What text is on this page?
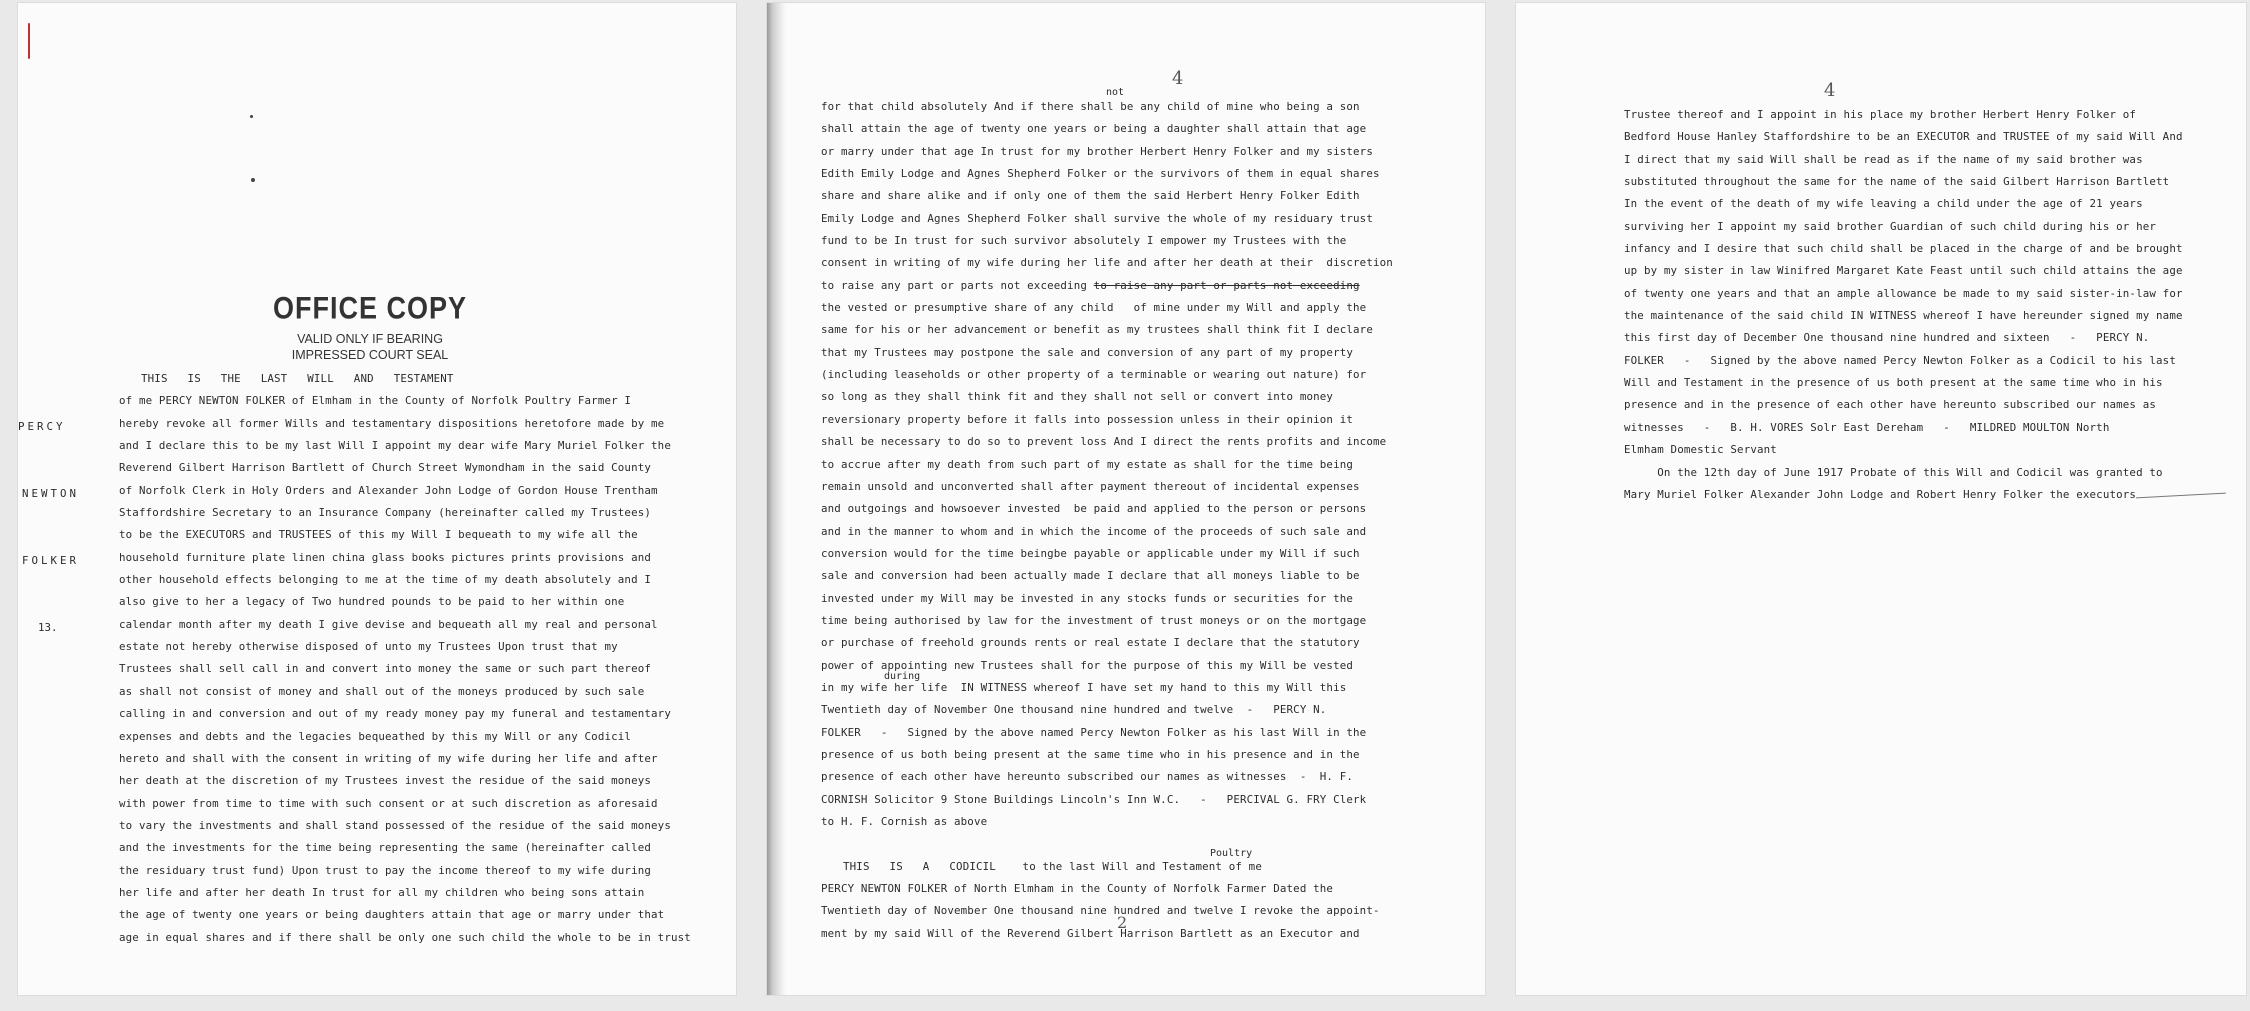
OFFICE COPY
VALID ONLY IF BEARING
IMPRESSED COURT SEAL

PERCY

NEWTON

FOLKER

13.

THIS   IS   THE   LAST   WILL   AND   TESTAMENT
of me PERCY NEWTON FOLKER of Elmham in the County of Norfolk Poultry Farmer I
hereby revoke all former Wills and testamentary dispositions heretofore made by me
and I declare this to be my last Will I appoint my dear wife Mary Muriel Folker the
Reverend Gilbert Harrison Bartlett of Church Street Wymondham in the said County
of Norfolk Clerk in Holy Orders and Alexander John Lodge of Gordon House Trentham
Staffordshire Secretary to an Insurance Company (hereinafter called my Trustees)
to be the EXECUTORS and TRUSTEES of this my Will I bequeath to my wife all the
household furniture plate linen china glass books pictures prints provisions and
other household effects belonging to me at the time of my death absolutely and I
also give to her a legacy of Two hundred pounds to be paid to her within one
calendar month after my death I give devise and bequeath all my real and personal
estate not hereby otherwise disposed of unto my Trustees Upon trust that my
Trustees shall sell call in and convert into money the same or such part thereof
as shall not consist of money and shall out of the moneys produced by such sale
calling in and conversion and out of my ready money pay my funeral and testamentary
expenses and debts and the legacies bequeathed by this my Will or any Codicil
hereto and shall with the consent in writing of my wife during her life and after
her death at the discretion of my Trustees invest the residue of the said moneys
with power from time to time with such consent or at such discretion as aforesaid
to vary the investments and shall stand possessed of the residue of the said moneys
and the investments for the time being representing the same (hereinafter called
the residuary trust fund) Upon trust to pay the income thereof to my wife during
her life and after her death In trust for all my children who being sons attain
the age of twenty one years or being daughters attain that age or marry under that
age in equal shares and if there shall be only one such child the whole to be in trust
4
not
during
Poultry
for that child absolutely And if there shall be any child of mine who being a son
shall attain the age of twenty one years or being a daughter shall attain that age
or marry under that age In trust for my brother Herbert Henry Folker and my sisters
Edith Emily Lodge and Agnes Shepherd Folker or the survivors of them in equal shares
share and share alike and if only one of them the said Herbert Henry Folker Edith
Emily Lodge and Agnes Shepherd Folker shall survive the whole of my residuary trust
fund to be In trust for such survivor absolutely I empower my Trustees with the
consent in writing of my wife during her life and after her death at their  discretion
to raise any part or parts not exceeding to raise any part or parts not exceeding
the vested or presumptive share of any child   of mine under my Will and apply the
same for his or her advancement or benefit as my trustees shall think fit I declare
that my Trustees may postpone the sale and conversion of any part of my property
(including leaseholds or other property of a terminable or wearing out nature) for
so long as they shall think fit and they shall not sell or convert into money
reversionary property before it falls into possession unless in their opinion it
shall be necessary to do so to prevent loss And I direct the rents profits and income
to accrue after my death from such part of my estate as shall for the time being
remain unsold and unconverted shall after payment thereout of incidental expenses
and outgoings and howsoever invested  be paid and applied to the person or persons
and in the manner to whom and in which the income of the proceeds of such sale and
conversion would for the time beingbe payable or applicable under my Will if such
sale and conversion had been actually made I declare that all moneys liable to be
invested under my Will may be invested in any stocks funds or securities for the
time being authorised by law for the investment of trust moneys or on the mortgage
or purchase of freehold grounds rents or real estate I declare that the statutory
power of appointing new Trustees shall for the purpose of this my Will be vested
in my wife her life  IN WITNESS whereof I have set my hand to this my Will this
Twentieth day of November One thousand nine hundred and twelve  -   PERCY N.
FOLKER   -   Signed by the above named Percy Newton Folker as his last Will in the
presence of us both being present at the same time who in his presence and in the
presence of each other have hereunto subscribed our names as witnesses  -  H. F.
CORNISH Solicitor 9 Stone Buildings Lincoln's Inn W.C.   -   PERCIVAL G. FRY Clerk
to H. F. Cornish as above
THIS   IS   A   CODICIL    to the last Will and Testament of me
PERCY NEWTON FOLKER of North Elmham in the County of Norfolk Farmer Dated the
Twentieth day of November One thousand nine hundred and twelve I revoke the appoint-
ment by my said Will of the Reverend Gilbert Harrison Bartlett as an Executor and
2
4
Trustee thereof and I appoint in his place my brother Herbert Henry Folker of
Bedford House Hanley Staffordshire to be an EXECUTOR and TRUSTEE of my said Will And
I direct that my said Will shall be read as if the name of my said brother was
substituted throughout the same for the name of the said Gilbert Harrison Bartlett
In the event of the death of my wife leaving a child under the age of 21 years
surviving her I appoint my said brother Guardian of such child during his or her
infancy and I desire that such child shall be placed in the charge of and be brought
up by my sister in law Winifred Margaret Kate Feast until such child attains the age
of twenty one years and that an ample allowance be made to my said sister-in-law for
the maintenance of the said child IN WITNESS whereof I have hereunder signed my name
this first day of December One thousand nine hundred and sixteen   -   PERCY N.
FOLKER   -   Signed by the above named Percy Newton Folker as a Codicil to his last
Will and Testament in the presence of us both present at the same time who in his
presence and in the presence of each other have hereunto subscribed our names as
witnesses   -   B. H. VORES Solr East Dereham   -   MILDRED MOULTON North
Elmham Domestic Servant
On the 12th day of June 1917 Probate of this Will and Codicil was granted to
Mary Muriel Folker Alexander John Lodge and Robert Henry Folker the executors
